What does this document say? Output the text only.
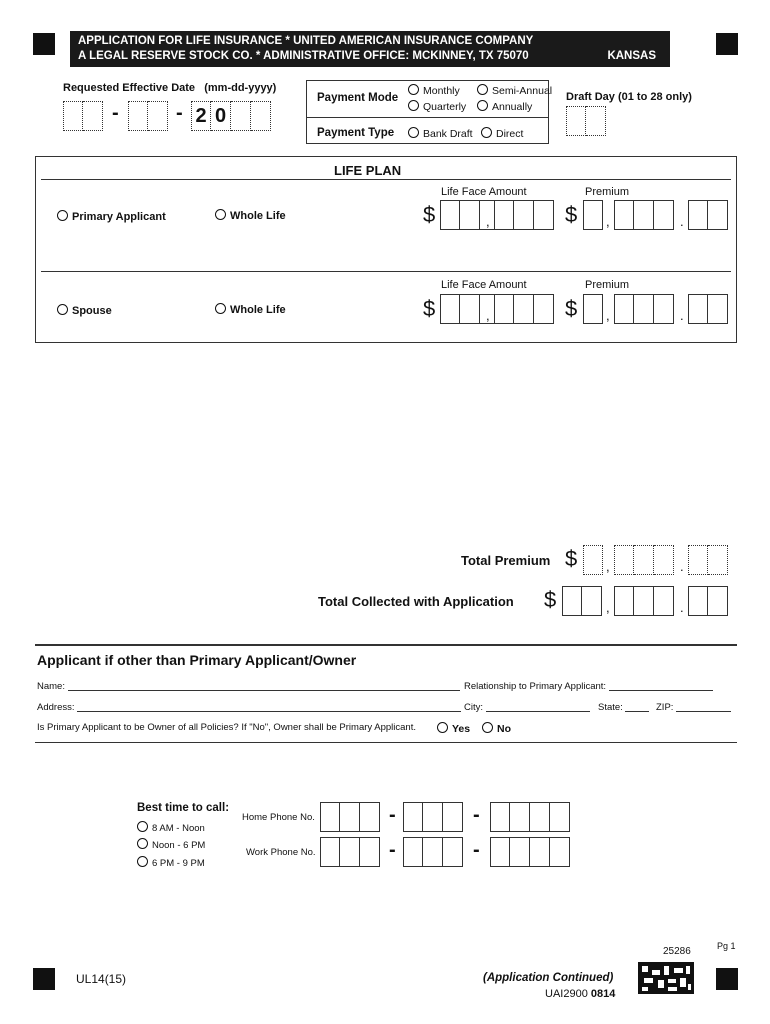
APPLICATION FOR LIFE INSURANCE * UNITED AMERICAN INSURANCE COMPANY
A LEGAL RESERVE STOCK CO. * ADMINISTRATIVE OFFICE: MCKINNEY, TX 75070	KANSAS
Requested Effective Date (mm-dd-yyyy)
-	- 2 0
Payment Mode
Monthly	Semi-Annual
Quarterly	Annually
Payment Type	Bank Draft	Direct
Draft Day (01 to 28 only)
LIFE PLAN
Life Face Amount	Premium
Primary Applicant	Whole Life	$	,	$ ,	.
Life Face Amount	Premium
Spouse	Whole Life	$	,	$ ,	.
Total Premium $ ,	.
Total Collected with Application $	,	.
Applicant if other than Primary Applicant/Owner
Name:	Relationship to Primary Applicant:
Address:	City:	State:	ZIP:
Is Primary Applicant to be Owner of all Policies? If "No", Owner shall be Primary Applicant.	Yes	No
Best time to call:
8 AM - Noon
Noon - 6 PM
6 PM - 9 PM
Home Phone No.	-	-
Work Phone No.	-	-
25286	Pg 1
UL14(15)	(Application Continued)
UAI2900 0814
